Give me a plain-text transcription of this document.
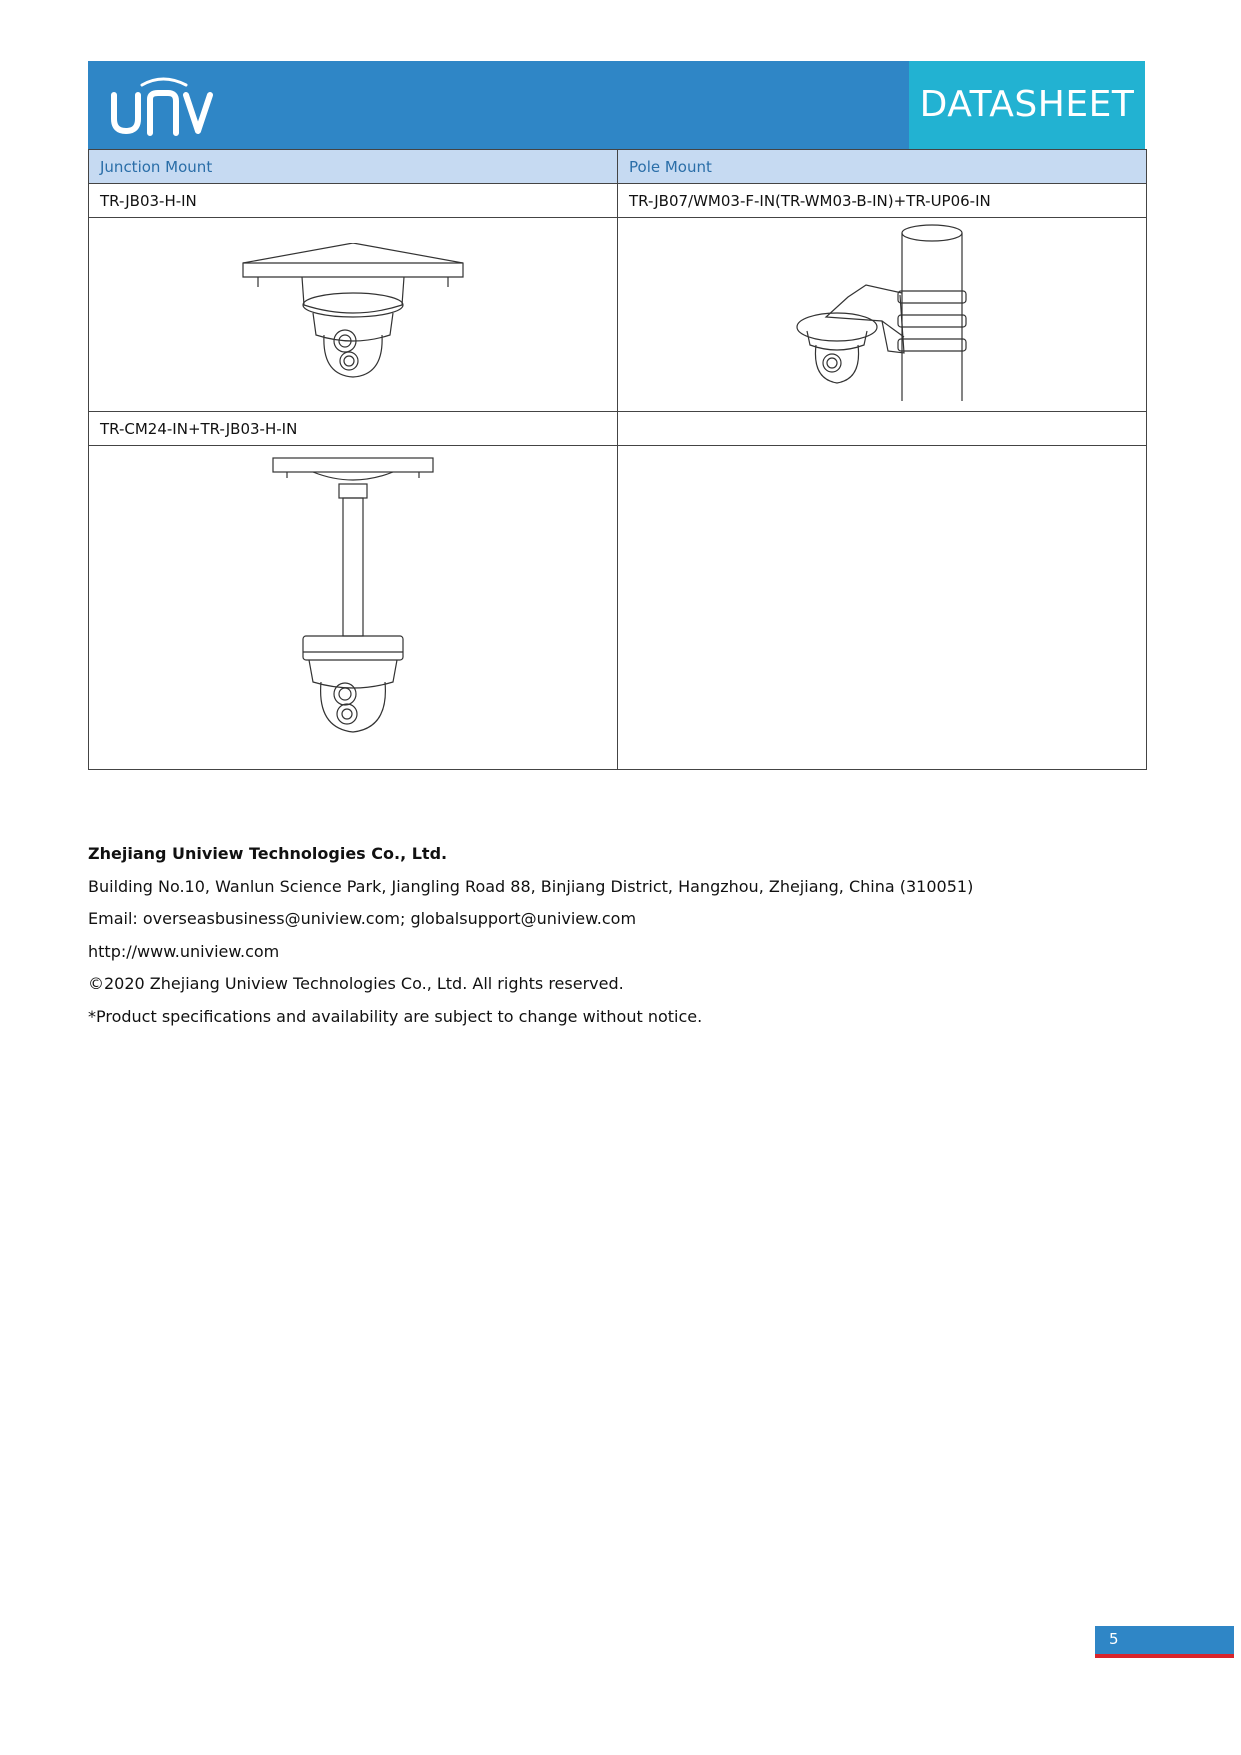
DATASHEET
Junction Mount	Pole Mount
TR-JB03-H-IN	TR-JB07/WM03-F-IN(TR-WM03-B-IN)+TR-UP06-IN

TR-CM24-IN+TR-JB03-H-IN	

Zhejiang Uniview Technologies Co., Ltd.
Building No.10, Wanlun Science Park, Jiangling Road 88, Binjiang District, Hangzhou, Zhejiang, China (310051)
Email: overseasbusiness@uniview.com; globalsupport@uniview.com
http://www.uniview.com
©2020 Zhejiang Uniview Technologies Co., Ltd. All rights reserved.
*Product specifications and availability are subject to change without notice.
5
